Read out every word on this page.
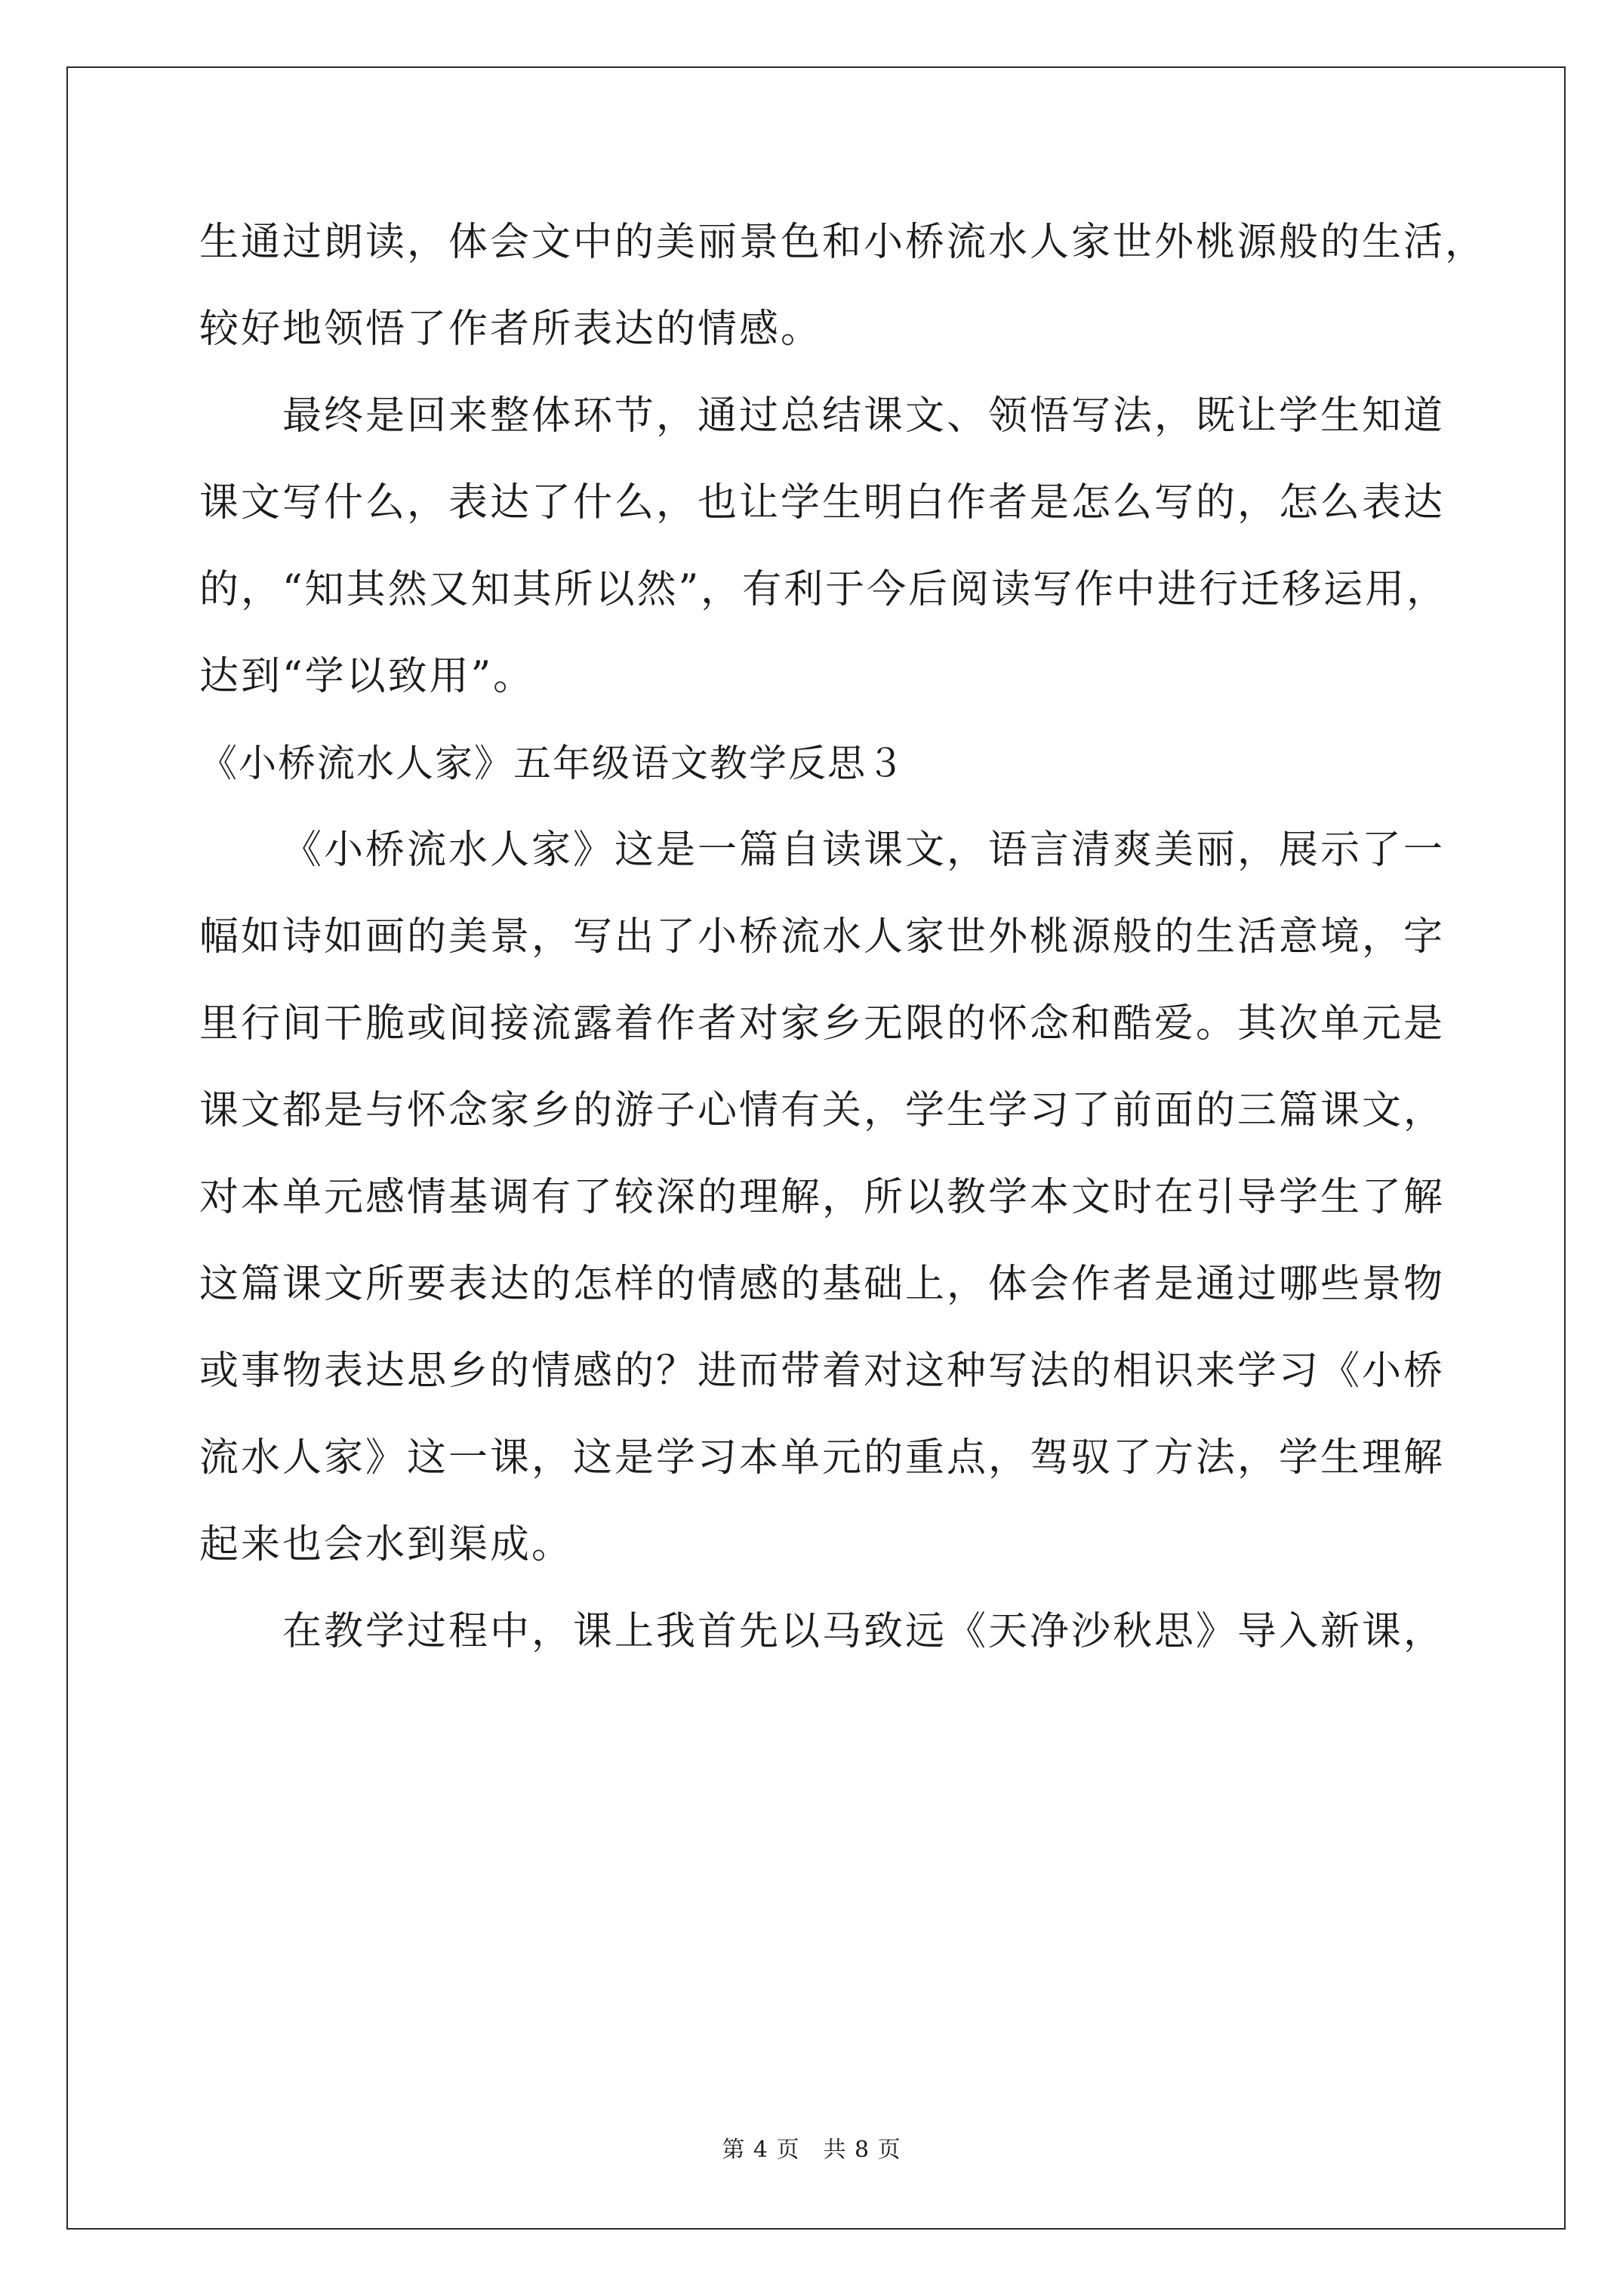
生通过朗读，体会文中的美丽景色和小桥流水人家世外桃源般的生活，
较好地领悟了作者所表达的情感。
最终是回来整体环节，通过总结课文、领悟写法，既让学生知道
课文写什么，表达了什么，也让学生明白作者是怎么写的，怎么表达
的，“知其然又知其所以然”，有利于今后阅读写作中进行迁移运用，
达到“学以致用”。
《小桥流水人家》五年级语文教学反思３
《小桥流水人家》这是一篇自读课文，语言清爽美丽，展示了一
幅如诗如画的美景，写出了小桥流水人家世外桃源般的生活意境，字
里行间干脆或间接流露着作者对家乡无限的怀念和酷爱。其次单元是
课文都是与怀念家乡的游子心情有关，学生学习了前面的三篇课文，
对本单元感情基调有了较深的理解，所以教学本文时在引导学生了解
这篇课文所要表达的怎样的情感的基础上，体会作者是通过哪些景物
或事物表达思乡的情感的？进而带着对这种写法的相识来学习《小桥
流水人家》这一课，这是学习本单元的重点，驾驭了方法，学生理解
起来也会水到渠成。
在教学过程中，课上我首先以马致远《天净沙秋思》导入新课，
第 4 页　共 8 页
